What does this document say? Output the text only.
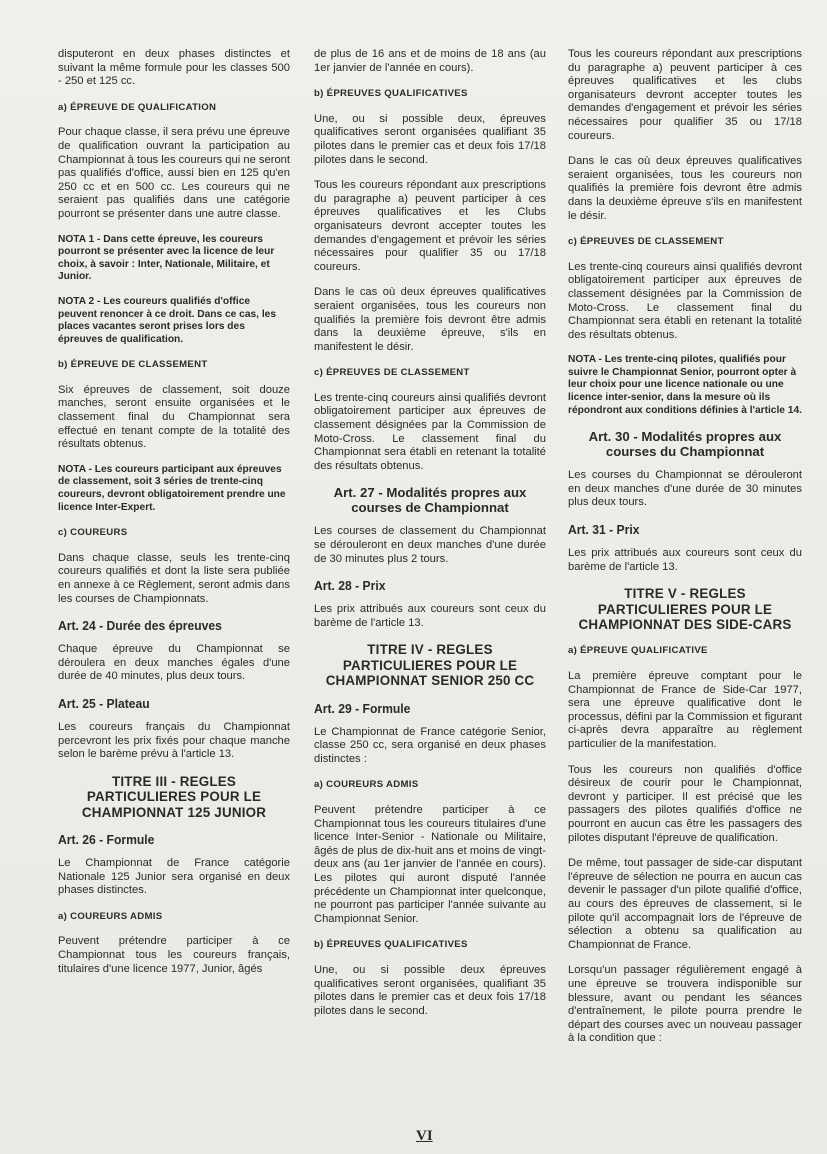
disputeront en deux phases distinctes et suivant la même formule pour les classes 500 - 250 et 125 cc.

a) ÉPREUVE DE QUALIFICATION

Pour chaque classe, il sera prévu une épreuve de qualification ouvrant la participation au Championnat à tous les coureurs qui ne seront pas qualifiés d'office, aussi bien en 125 qu'en 250 cc et en 500 cc. Les coureurs qui ne seraient pas qualifiés dans une catégorie pourront se présenter dans une autre classe.

NOTA 1 - Dans cette épreuve, les coureurs pourront se présenter avec la licence de leur choix, à savoir : Inter, Nationale, Militaire, et Junior.

NOTA 2 - Les coureurs qualifiés d'office peuvent renoncer à ce droit. Dans ce cas, les places vacantes seront prises lors des épreuves de qualification.

b) ÉPREUVE DE CLASSEMENT

Six épreuves de classement, soit douze manches, seront ensuite organisées et le classement final du Championnat sera effectué en tenant compte de la totalité des résultats obtenus.

NOTA - Les coureurs participant aux épreuves de classement, soit 3 séries de trente-cinq coureurs, devront obligatoirement prendre une licence Inter-Expert.

c) COUREURS

Dans chaque classe, seuls les trente-cinq coureurs qualifiés et dont la liste sera publiée en annexe à ce Règlement, seront admis dans les courses de Championnats.

Art. 24 - Durée des épreuves

Chaque épreuve du Championnat se déroulera en deux manches égales d'une durée de 40 minutes, plus deux tours.

Art. 25 - Plateau

Les coureurs français du Championnat percevront les prix fixés pour chaque manche selon le barème prévu à l'article 13.

TITRE III - REGLES PARTICULIERES POUR LE CHAMPIONNAT 125 JUNIOR
Art. 26 - Formule

Le Championnat de France catégorie Nationale 125 Junior sera organisé en deux phases distinctes.

a) COUREURS ADMIS

Peuvent prétendre participer à ce Championnat tous les coureurs français, titulaires d'une licence 1977, Junior, âgés

de plus de 16 ans et de moins de 18 ans (au 1er janvier de l'année en cours).

b) ÉPREUVES QUALIFICATIVES

Une, ou si possible deux, épreuves qualificatives seront organisées qualifiant 35 pilotes dans le premier cas et deux fois 17/18 pilotes dans le second.

Tous les coureurs répondant aux prescriptions du paragraphe a) peuvent participer à ces épreuves qualificatives et les Clubs organisateurs devront accepter toutes les demandes d'engagement et prévoir les séries nécessaires pour qualifier 35 ou 17/18 coureurs.

Dans le cas où deux épreuves qualificatives seraient organisées, tous les coureurs non qualifiés la première fois devront être admis dans la deuxième épreuve, s'ils en manifestent le désir.

c) ÉPREUVES DE CLASSEMENT

Les trente-cinq coureurs ainsi qualifiés devront obligatoirement participer aux épreuves de classement désignées par la Commission de Moto-Cross. Le classement final du Championnat sera établi en retenant la totalité des résultats obtenus.

Art. 27 - Modalités propres aux courses de Championnat

Les courses de classement du Championnat se dérouleront en deux manches d'une durée de 30 minutes plus 2 tours.

Art. 28 - Prix

Les prix attribués aux coureurs sont ceux du barème de l'article 13.

TITRE IV - REGLES PARTICULIERES POUR LE CHAMPIONNAT SENIOR 250 CC
Art. 29 - Formule

Le Championnat de France catégorie Senior, classe 250 cc, sera organisé en deux phases distinctes :

a) COUREURS ADMIS

Peuvent prétendre participer à ce Championnat tous les coureurs titulaires d'une licence Inter-Senior - Nationale ou Militaire, âgés de plus de dix-huit ans et moins de vingt-deux ans (au 1er janvier de l'année en cours). Les pilotes qui auront disputé l'année précédente un Championnat inter quelconque, ne pourront pas participer l'année suivante au Championnat Senior.

b) ÉPREUVES QUALIFICATIVES

Une, ou si possible deux épreuves qualificatives seront organisées, qualifiant 35 pilotes dans le premier cas et deux fois 17/18 pilotes dans le second.

Tous les coureurs répondant aux prescriptions du paragraphe a) peuvent participer à ces épreuves qualificatives et les clubs organisateurs devront accepter toutes les demandes d'engagement et prévoir les séries nécessaires pour qualifier 35 ou 17/18 coureurs.

Dans le cas où deux épreuves qualificatives seraient organisées, tous les coureurs non qualifiés la première fois devront être admis dans la deuxième épreuve s'ils en manifestent le désir.

c) ÉPREUVES DE CLASSEMENT

Les trente-cinq coureurs ainsi qualifiés devront obligatoirement participer aux épreuves de classement désignées par la Commission de Moto-Cross. Le classement final du Championnat sera établi en retenant la totalité des résultats obtenus.

NOTA - Les trente-cinq pilotes, qualifiés pour suivre le Championnat Senior, pourront opter à leur choix pour une licence nationale ou une licence inter-senior, dans la mesure où ils répondront aux conditions définies à l'article 14.

Art. 30 - Modalités propres aux courses du Championnat

Les courses du Championnat se dérouleront en deux manches d'une durée de 30 minutes plus deux tours.

Art. 31 - Prix

Les prix attribués aux coureurs sont ceux du barème de l'article 13.

TITRE V - REGLES PARTICULIERES POUR LE CHAMPIONNAT DES SIDE-CARS
a) ÉPREUVE QUALIFICATIVE

La première épreuve comptant pour le Championnat de France de Side-Car 1977, sera une épreuve qualificative dont le processus, défini par la Commission et figurant ci-après devra apparaître au règlement particulier de la manifestation.

Tous les coureurs non qualifiés d'office désireux de courir pour le Championnat, devront y participer. Il est précisé que les passagers des pilotes qualifiés d'office ne pourront en aucun cas être les passagers des pilotes disputant l'épreuve de qualification.

De même, tout passager de side-car disputant l'épreuve de sélection ne pourra en aucun cas devenir le passager d'un pilote qualifié d'office, au cours des épreuves de classement, si le pilote qu'il accompagnait lors de l'épreuve de sélection a obtenu sa qualification au Championnat de France.

Lorsqu'un passager régulièrement engagé à une épreuve se trouvera indisponible sur blessure, avant ou pendant les séances d'entraînement, le pilote pourra prendre le départ des courses avec un nouveau passager à la condition que :

VI
